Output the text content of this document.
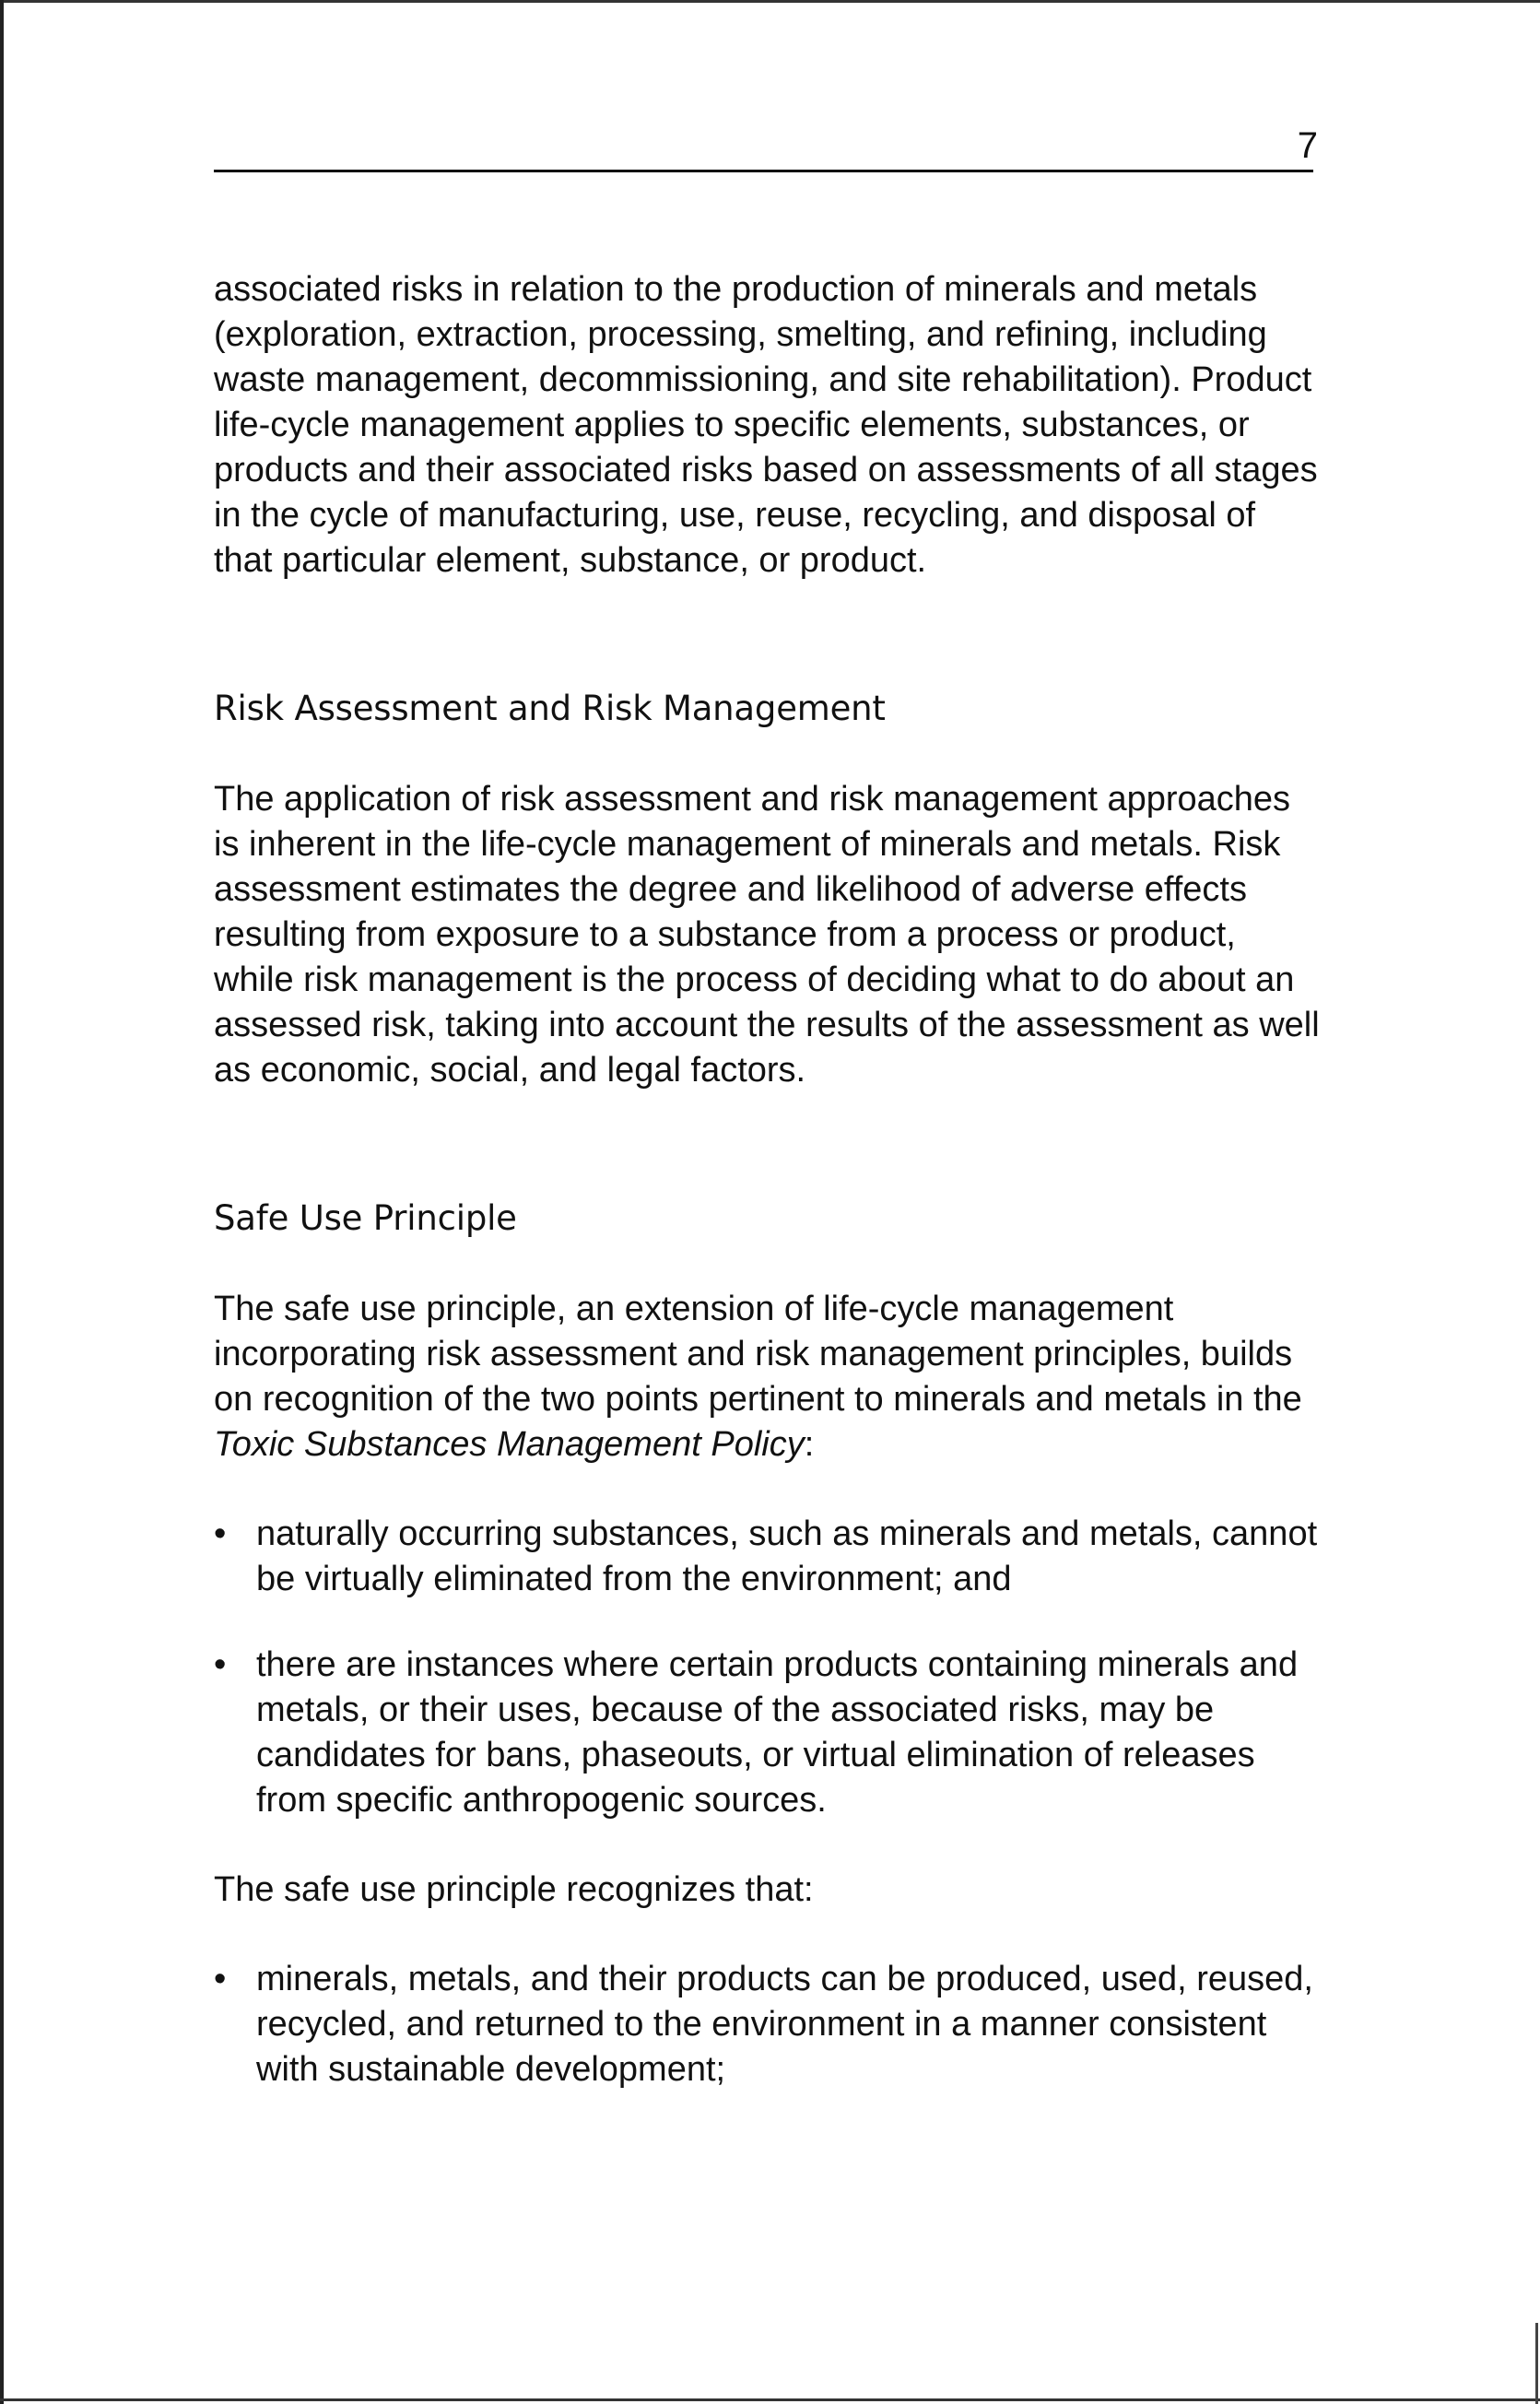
7

associated risks in relation to the production of minerals and metals (exploration, extraction, processing, smelting, and refining, including waste management, decommissioning, and site rehabilitation). Product life-cycle management applies to specific elements, substances, or products and their associated risks based on assessments of all stages in the cycle of manufacturing, use, reuse, recycling, and disposal of that particular element, substance, or product.

Risk Assessment and Risk Management

The application of risk assessment and risk management approaches is inherent in the life-cycle management of minerals and metals. Risk assessment estimates the degree and likelihood of adverse effects resulting from exposure to a substance from a process or product, while risk management is the process of deciding what to do about an assessed risk, taking into account the results of the assessment as well as economic, social, and legal factors.

Safe Use Principle

The safe use principle, an extension of life-cycle management incorporating risk assessment and risk management principles, builds on recognition of the two points pertinent to minerals and metals in the Toxic Substances Management Policy:

• naturally occurring substances, such as minerals and metals, cannot be virtually eliminated from the environment; and
• there are instances where certain products containing minerals and metals, or their uses, because of the associated risks, may be candidates for bans, phaseouts, or virtual elimination of releases from specific anthropogenic sources.

The safe use principle recognizes that:

• minerals, metals, and their products can be produced, used, reused, recycled, and returned to the environment in a manner consistent with sustainable development;
